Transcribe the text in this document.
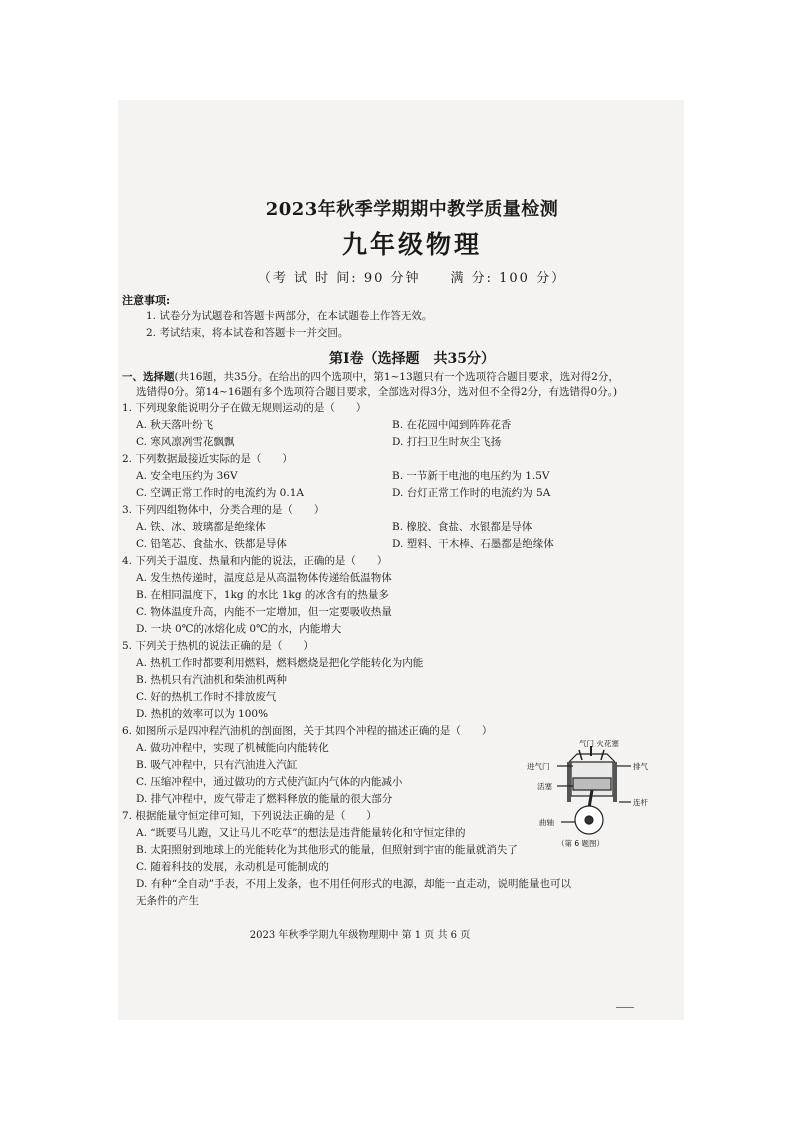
2023年秋季学期期中教学质量检测
九年级物理
（考 试 时 间: 90 分钟　　满 分: 100 分）
注意事项:
1. 试卷分为试题卷和答题卡两部分，在本试题卷上作答无效。
2. 考试结束，将本试卷和答题卡一并交回。
第Ⅰ卷（选择题　共35分）
一、选择题(共16题，共35分。在给出的四个选项中，第1~13题只有一个选项符合题目要求，选对得2分，
选错得0分。第14~16题有多个选项符合题目要求，全部选对得3分，选对但不全得2分，有选错得0分。)
1. 下列现象能说明分子在做无规则运动的是（　　）
A. 秋天落叶纷飞	B. 在花园中闻到阵阵花香
C. 寒风凛冽雪花飘飘	D. 打扫卫生时灰尘飞扬
2. 下列数据最接近实际的是（　　）
A. 安全电压约为 36V	B. 一节新干电池的电压约为 1.5V
C. 空调正常工作时的电流约为 0.1A	D. 台灯正常工作时的电流约为 5A
3. 下列四组物体中，分类合理的是（　　）
A. 铁、冰、玻璃都是绝缘体	B. 橡胶、食盐、水银都是导体
C. 铅笔芯、食盐水、铁都是导体	D. 塑料、干木棒、石墨都是绝缘体
4. 下列关于温度、热量和内能的说法，正确的是（　　）
A. 发生热传递时，温度总是从高温物体传递给低温物体
B. 在相同温度下，1kg 的水比 1kg 的冰含有的热量多
C. 物体温度升高，内能不一定增加，但一定要吸收热量
D. 一块 0℃的冰熔化成 0℃的水，内能增大
5. 下列关于热机的说法正确的是（　　）
A. 热机工作时都要利用燃料，燃料燃烧是把化学能转化为内能
B. 热机只有汽油机和柴油机两种
C. 好的热机工作时不排放废气
D. 热机的效率可以为 100%
6. 如图所示是四冲程汽油机的剖面图，关于其四个冲程的描述正确的是（　　）
A. 做功冲程中，实现了机械能向内能转化
B. 吸气冲程中，只有汽油进入汽缸
C. 压缩冲程中，通过做功的方式使汽缸内气体的内能减小
D. 排气冲程中，废气带走了燃料释放的能量的很大部分
气门 火花塞
进气门	排气
活塞
连杆
曲轴
（第 6 题图）
7. 根据能量守恒定律可知，下列说法正确的是（　　）
A. “既要马儿跑，又让马儿不吃草”的想法是违背能量转化和守恒定律的
B. 太阳照射到地球上的光能转化为其他形式的能量，但照射到宇宙的能量就消失了
C. 随着科技的发展，永动机是可能制成的
D. 有种“全自动”手表，不用上发条，也不用任何形式的电源，却能一直走动，说明能量也可以
无条件的产生
2023 年秋季学期九年级物理期中 第 1 页 共 6 页
